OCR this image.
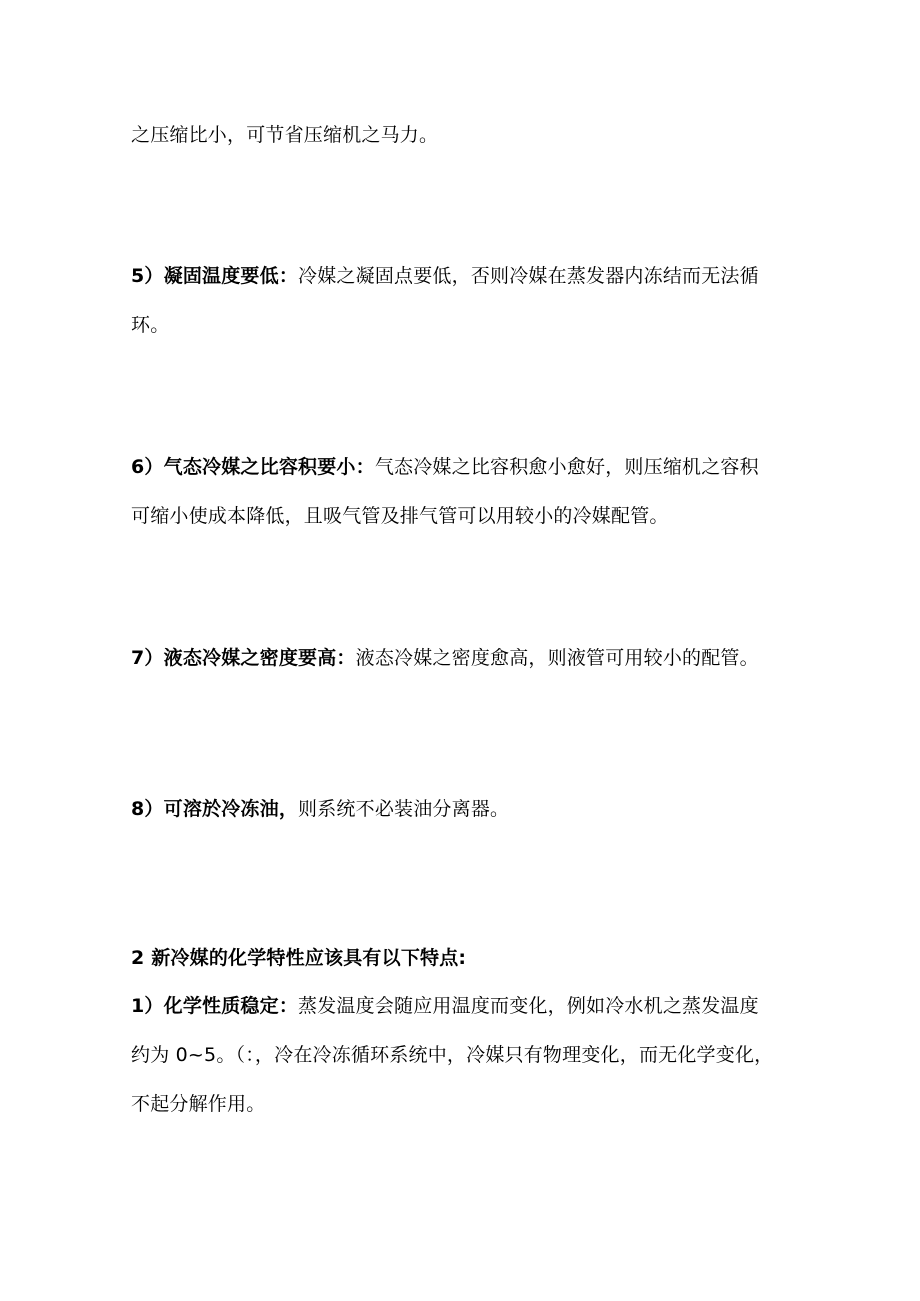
之压缩比小，可节省压缩机之马力。
5）凝固温度要低：冷媒之凝固点要低，否则冷媒在蒸发器内冻结而无法循
环。
6）气态冷媒之比容积要小：气态冷媒之比容积愈小愈好，则压缩机之容积
可缩小使成本降低，且吸气管及排气管可以用较小的冷媒配管。
7）液态冷媒之密度要高：液态冷媒之密度愈高，则液管可用较小的配管。
8）可溶於冷冻油，则系统不必装油分离器。
2 新冷媒的化学特性应该具有以下特点:
1）化学性质稳定：蒸发温度会随应用温度而变化，例如冷水机之蒸发温度
约为 0~5。（：，冷在冷冻循环系统中，冷媒只有物理变化，而无化学变化，
不起分解作用。
